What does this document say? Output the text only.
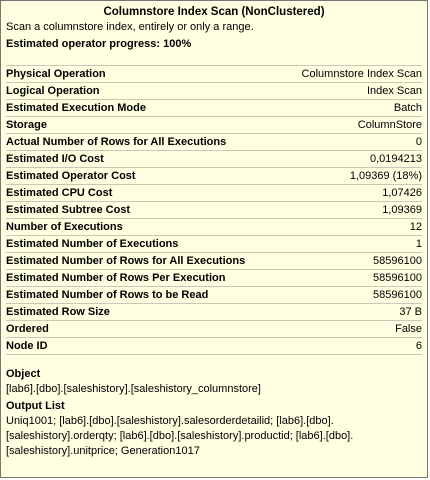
Columnstore Index Scan (NonClustered)
Scan a columnstore index, entirely or only a range.
Estimated operator progress: 100%
Physical Operation	Columnstore Index Scan
Logical Operation	Index Scan
Estimated Execution Mode	Batch
Storage	ColumnStore
Actual Number of Rows for All Executions	0
Estimated I/O Cost	0,0194213
Estimated Operator Cost	1,09369 (18%)
Estimated CPU Cost	1,07426
Estimated Subtree Cost	1,09369
Number of Executions	12
Estimated Number of Executions	1
Estimated Number of Rows for All Executions	58596100
Estimated Number of Rows Per Execution	58596100
Estimated Number of Rows to be Read	58596100
Estimated Row Size	37 B
Ordered	False
Node ID	6
Object
[lab6].[dbo].[saleshistory].[saleshistory_columnstore]
Output List
Uniq1001; [lab6].[dbo].[saleshistory].salesorderdetailid; [lab6].[dbo].[saleshistory].orderqty; [lab6].[dbo].[saleshistory].productid; [lab6].[dbo].[saleshistory].unitprice; Generation1017
